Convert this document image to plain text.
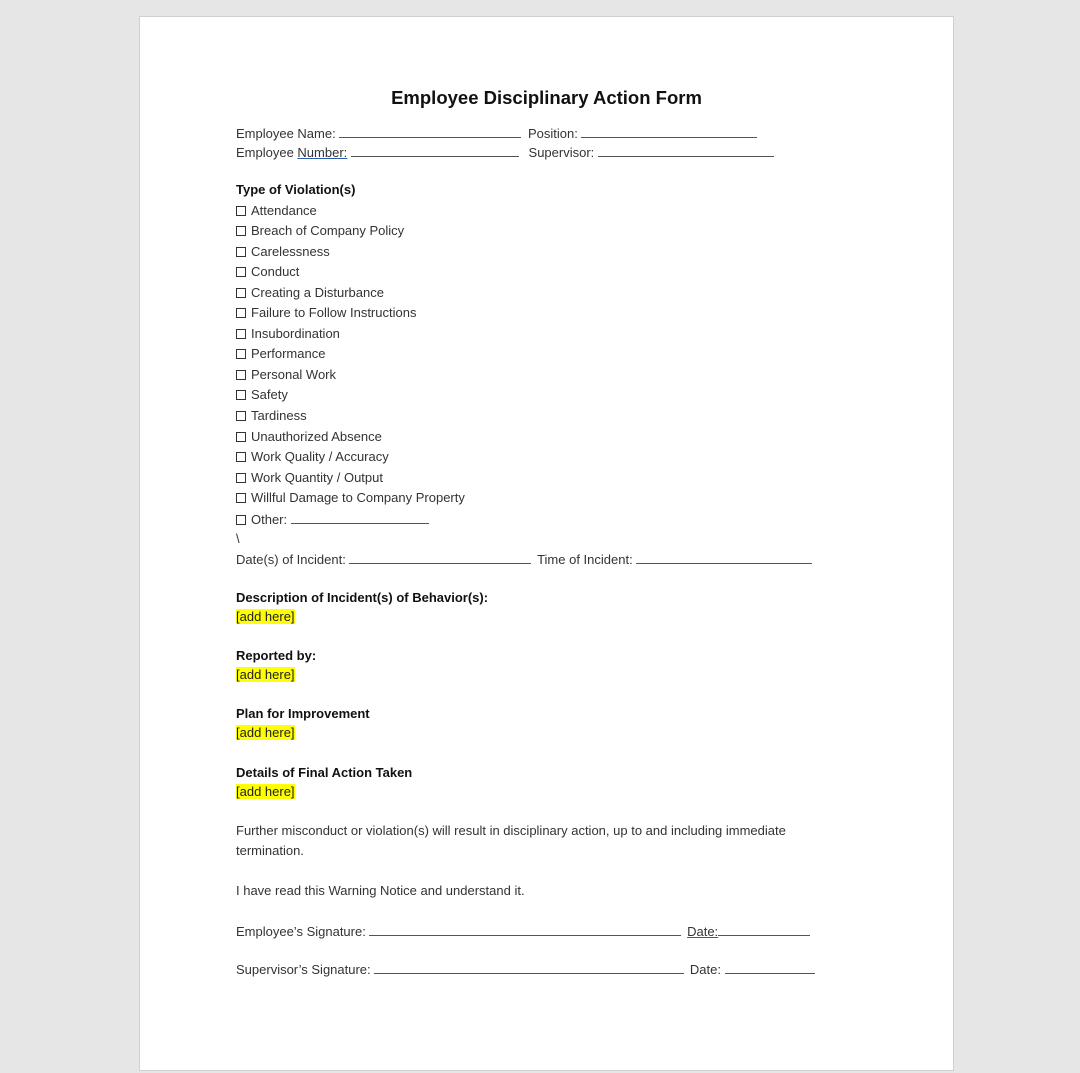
Employee Disciplinary Action Form
Employee Name:	Position:
Employee Number:	Supervisor:
Type of Violation(s)
Attendance
Breach of Company Policy
Carelessness
Conduct
Creating a Disturbance
Failure to Follow Instructions
Insubordination
Performance
Personal Work
Safety
Tardiness
Unauthorized Absence
Work Quality / Accuracy
Work Quantity / Output
Willful Damage to Company Property
Other:
\
Date(s) of Incident:	Time of Incident:
Description of Incident(s) of Behavior(s):
[add here]
Reported by:
[add here]
Plan for Improvement
[add here]
Details of Final Action Taken
[add here]
Further misconduct or violation(s) will result in disciplinary action, up to and including immediate termination.
I have read this Warning Notice and understand it.
Employee’s Signature:	Date:
Supervisor’s Signature:	Date:
